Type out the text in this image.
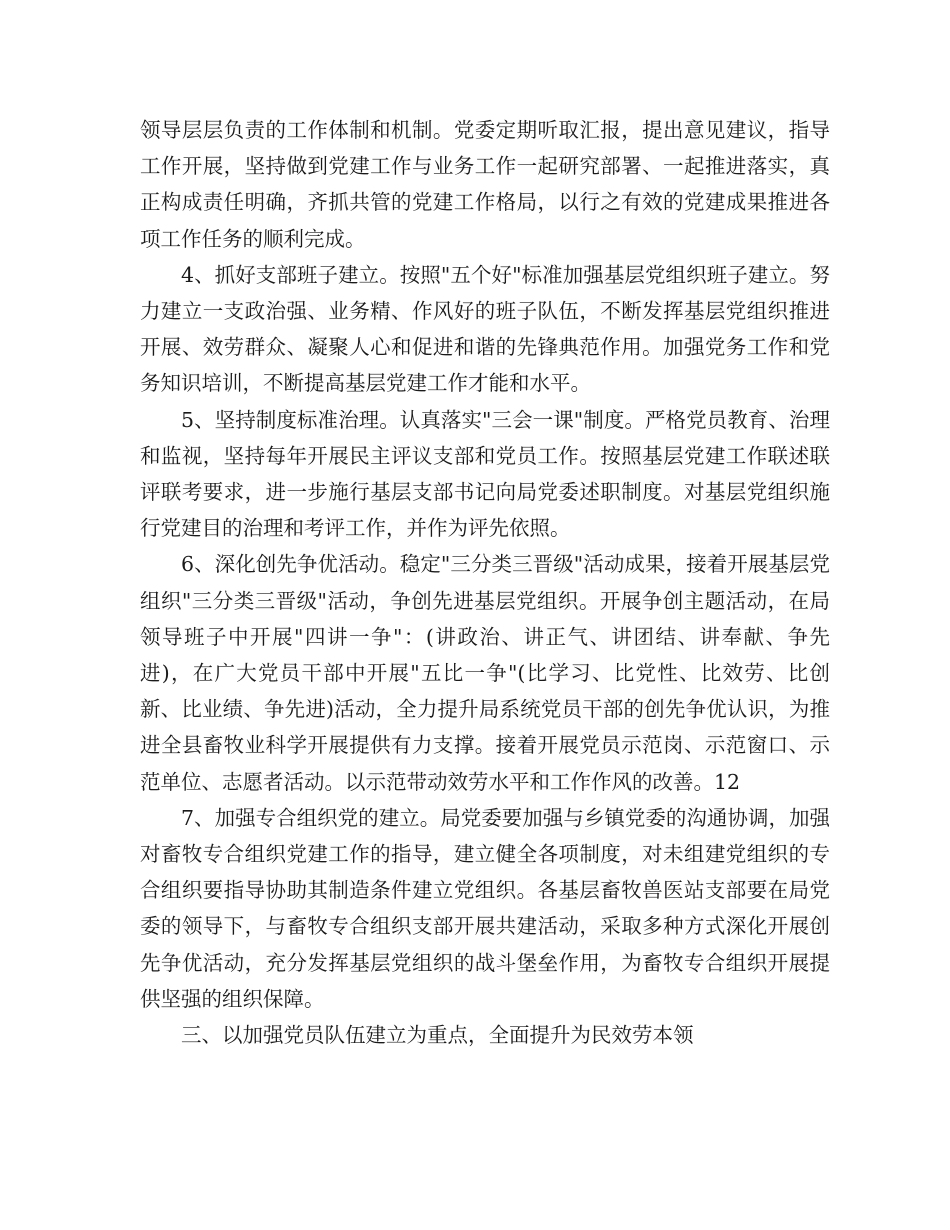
领导层层负责的工作体制和机制。党委定期听取汇报，提出意见建议，指导工作开展，坚持做到党建工作与业务工作一起研究部署、一起推进落实，真正构成责任明确，齐抓共管的党建工作格局，以行之有效的党建成果推进各项工作任务的顺利完成。

4、抓好支部班子建立。按照"五个好"标准加强基层党组织班子建立。努力建立一支政治强、业务精、作风好的班子队伍，不断发挥基层党组织推进开展、效劳群众、凝聚人心和促进和谐的先锋典范作用。加强党务工作和党务知识培训，不断提高基层党建工作才能和水平。

5、坚持制度标准治理。认真落实"三会一课"制度。严格党员教育、治理和监视，坚持每年开展民主评议支部和党员工作。按照基层党建工作联述联评联考要求，进一步施行基层支部书记向局党委述职制度。对基层党组织施行党建目的治理和考评工作，并作为评先依照。

6、深化创先争优活动。稳定"三分类三晋级"活动成果，接着开展基层党组织"三分类三晋级"活动，争创先进基层党组织。开展争创主题活动，在局领导班子中开展"四讲一争"：(讲政治、讲正气、讲团结、讲奉献、争先进)，在广大党员干部中开展"五比一争"(比学习、比党性、比效劳、比创新、比业绩、争先进)活动，全力提升局系统党员干部的创先争优认识，为推进全县畜牧业科学开展提供有力支撑。接着开展党员示范岗、示范窗口、示范单位、志愿者活动。以示范带动效劳水平和工作作风的改善。12

7、加强专合组织党的建立。局党委要加强与乡镇党委的沟通协调，加强对畜牧专合组织党建工作的指导，建立健全各项制度，对未组建党组织的专合组织要指导协助其制造条件建立党组织。各基层畜牧兽医站支部要在局党委的领导下，与畜牧专合组织支部开展共建活动，采取多种方式深化开展创先争优活动，充分发挥基层党组织的战斗堡垒作用，为畜牧专合组织开展提供坚强的组织保障。

三、以加强党员队伍建立为重点，全面提升为民效劳本领
